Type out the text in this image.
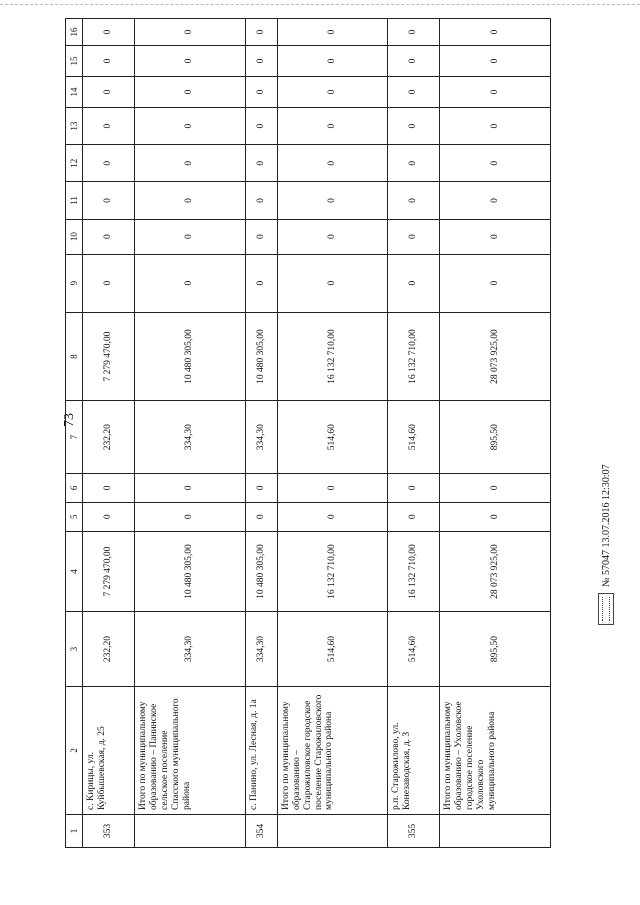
73
1	2	3	4	5	6	7	8	9	10	11	12	13	14	15	16
353	с. Кирицы, ул. Куйбышевская, д. 25	232,20	7 279 470,00	0	0	232,20	7 279 470,00	0	0	0	0	0	0	0	0
	Итого по муниципальному образованию – Панинское сельское поселение Спасского муниципального района	334,30	10 480 305,00	0	0	334,30	10 480 305,00	0	0	0	0	0	0	0	0
354	с. Панино, ул. Лесная, д. 1а	334,30	10 480 305,00	0	0	334,30	10 480 305,00	0	0	0	0	0	0	0	0
	Итого по муниципальному образованию – Старожиловское городское поселение Старожиловского муниципального района	514,60	16 132 710,00	0	0	514,60	16 132 710,00	0	0	0	0	0	0	0	0
355	р.п. Старожилово, ул. Конезаводская, д. 3	514,60	16 132 710,00	0	0	514,60	16 132 710,00	0	0	0	0	0	0	0	0
	Итого по муниципальному образованию – Ухоловское городское поселение Ухоловского муниципального района	895,50	28 073 925,00	0	0	895,50	28 073 925,00	0	0	0	0	0	0	0	0
№ 57047 13.07.2016 12:30:07
